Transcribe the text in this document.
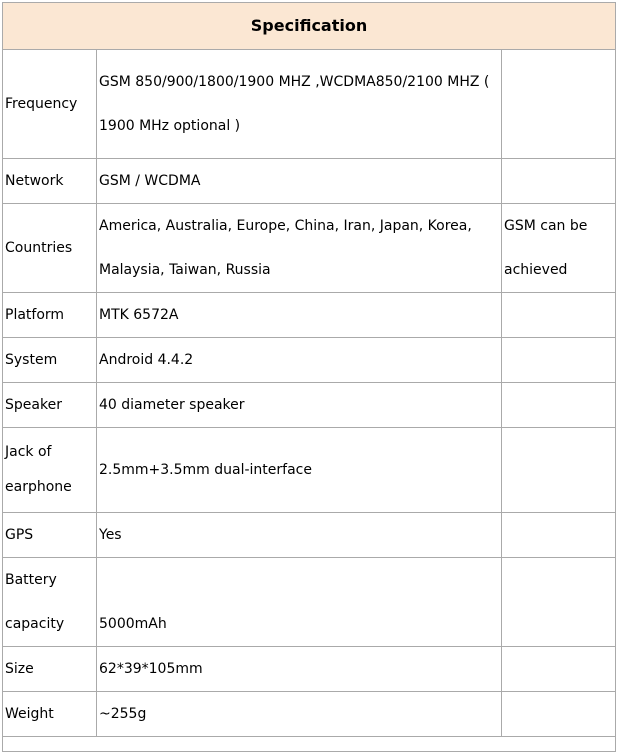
Specification		
Frequency	GSM 850/900/1800/1900 MHZ ,WCDMA850/2100 MHZ ( 1900 MHz optional )	
Network	GSM / WCDMA	
Countries	America, Australia, Europe, China, Iran, Japan, Korea, Malaysia, Taiwan, Russia	GSM can be achieved
Platform	MTK 6572A	
System	Android 4.4.2	
Speaker	40 diameter speaker	
Jack of earphone	2.5mm+3.5mm dual-interface	
GPS	Yes	
Battery capacity	5000mAh	
Size	62*39*105mm	
Weight	~255g	
